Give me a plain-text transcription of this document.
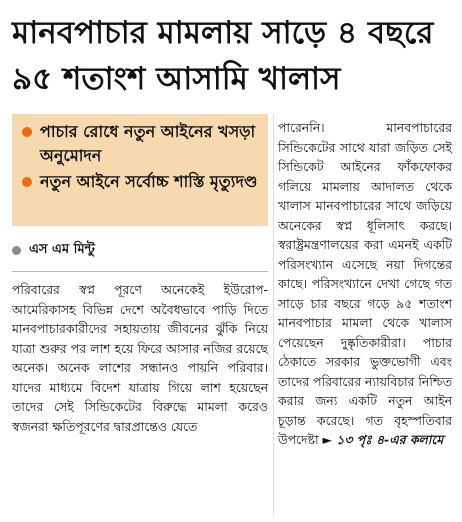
মানবপাচার মামলায় সাড়ে ৪ বছরে
৯৫ শতাংশ আসামি খালাস
পাচার রোধে নতুন আইনের খসড়া অনুমোদন
নতুন আইনে সর্বোচ্চ শাস্তি মৃত্যুদণ্ড
এস এম মিন্টু

পরিবারের স্বপ্ন পূরণে অনেকেই ইউরোপ-আমেরিকাসহ বিভিন্ন দেশে অবৈধভাবে পাড়ি দিতে মানবপাচারকারীদের সহায়তায় জীবনের ঝুঁকি নিয়ে যাত্রা শুরুর পর লাশ হয়ে ফিরে আসার নজির রয়েছে অনেক। অনেক লাশের সন্ধানও পায়নি পরিবার। যাদের মাধ্যমে বিদেশ যাত্রায় গিয়ে লাশ হয়েছেন তাদের সেই সিন্ডিকেটের বিরুদ্ধে মামলা করেও স্বজনরা ক্ষতিপূরণের দ্বারপ্রান্তেও যেতে

পারেননি। মানবপাচারের সিন্ডিকেটের সাথে যারা জড়িত সেই সিন্ডিকেট আইনের ফাঁকফোকর গলিয়ে মামলায় আদালত থেকে খালাস মানবপাচারের সাথে জড়িয়ে অনেকের স্বপ্ন ধূলিসাৎ করছে। স্বরাষ্ট্রমন্ত্রণালয়ের করা এমনই একটি পরিসংখ্যান এসেছে নয়া দিগন্তের কাছে। পরিসংখ্যানে দেখা গেছে গত সাড়ে চার বছরে গড়ে ৯৫ শতাংশ মানবপাচার মামলা থেকে খালাস পেয়েছেন দুষ্কৃতিকারীরা। পাচার ঠেকাতে সরকার ভুক্তভোগী এবং তাদের পরিবারের ন্যায়বিচার নিশ্চিত করার জন্য একটি নতুন আইন চূড়ান্ত করেছে। গত বৃহস্পতিবার উপদেষ্টা ► ১৩ পৃঃ ৪-এর কলামে
